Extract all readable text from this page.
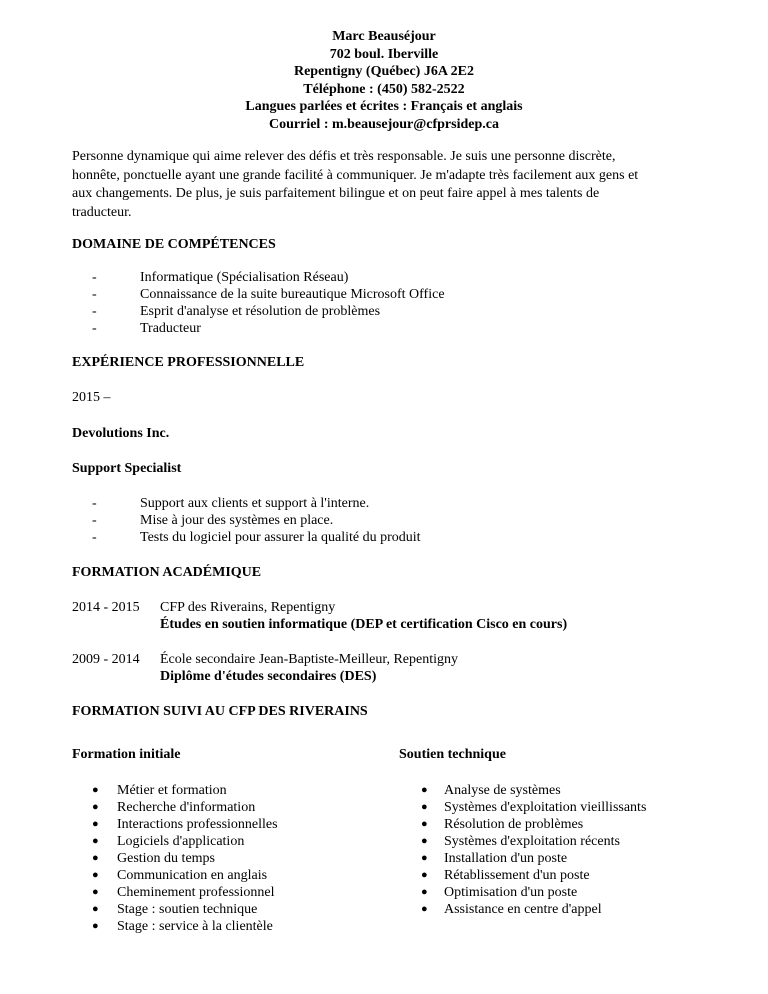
Marc Beauséjour
702 boul. Iberville
Repentigny (Québec) J6A 2E2
Téléphone : (450) 582-2522
Langues parlées et écrites : Français et anglais
Courriel : m.beausejour@cfprsidep.ca
Personne dynamique qui aime relever des défis et très responsable. Je suis une personne discrète,
honnête, ponctuelle ayant une grande facilité à communiquer. Je m'adapte très facilement aux gens et
aux changements. De plus, je suis parfaitement bilingue et on peut faire appel à mes talents de
traducteur.
DOMAINE DE COMPÉTENCES
-	Informatique (Spécialisation Réseau)
-	Connaissance de la suite bureautique Microsoft Office
-	Esprit d'analyse et résolution de problèmes
-	Traducteur
EXPÉRIENCE PROFESSIONNELLE
2015 –
Devolutions Inc.
Support Specialist
-	Support aux clients et support à l'interne.
-	Mise à jour des systèmes en place.
-	Tests du logiciel pour assurer la qualité du produit
FORMATION ACADÉMIQUE
2014 - 2015 CFP des Riverains, Repentigny
Études en soutien informatique (DEP et certification Cisco en cours)
2009 - 2014 École secondaire Jean-Baptiste-Meilleur, Repentigny
Diplôme d'études secondaires (DES)
FORMATION SUIVI AU CFP DES RIVERAINS
Formation initiale	Soutien technique
● Métier et formation
● Recherche d'information
● Interactions professionnelles
● Logiciels d'application
● Gestion du temps
● Communication en anglais
● Cheminement professionnel
● Stage : soutien technique
● Stage : service à la clientèle
● Analyse de systèmes
● Systèmes d'exploitation vieillissants
● Résolution de problèmes
● Systèmes d'exploitation récents
● Installation d'un poste
● Rétablissement d'un poste
● Optimisation d'un poste
● Assistance en centre d'appel
